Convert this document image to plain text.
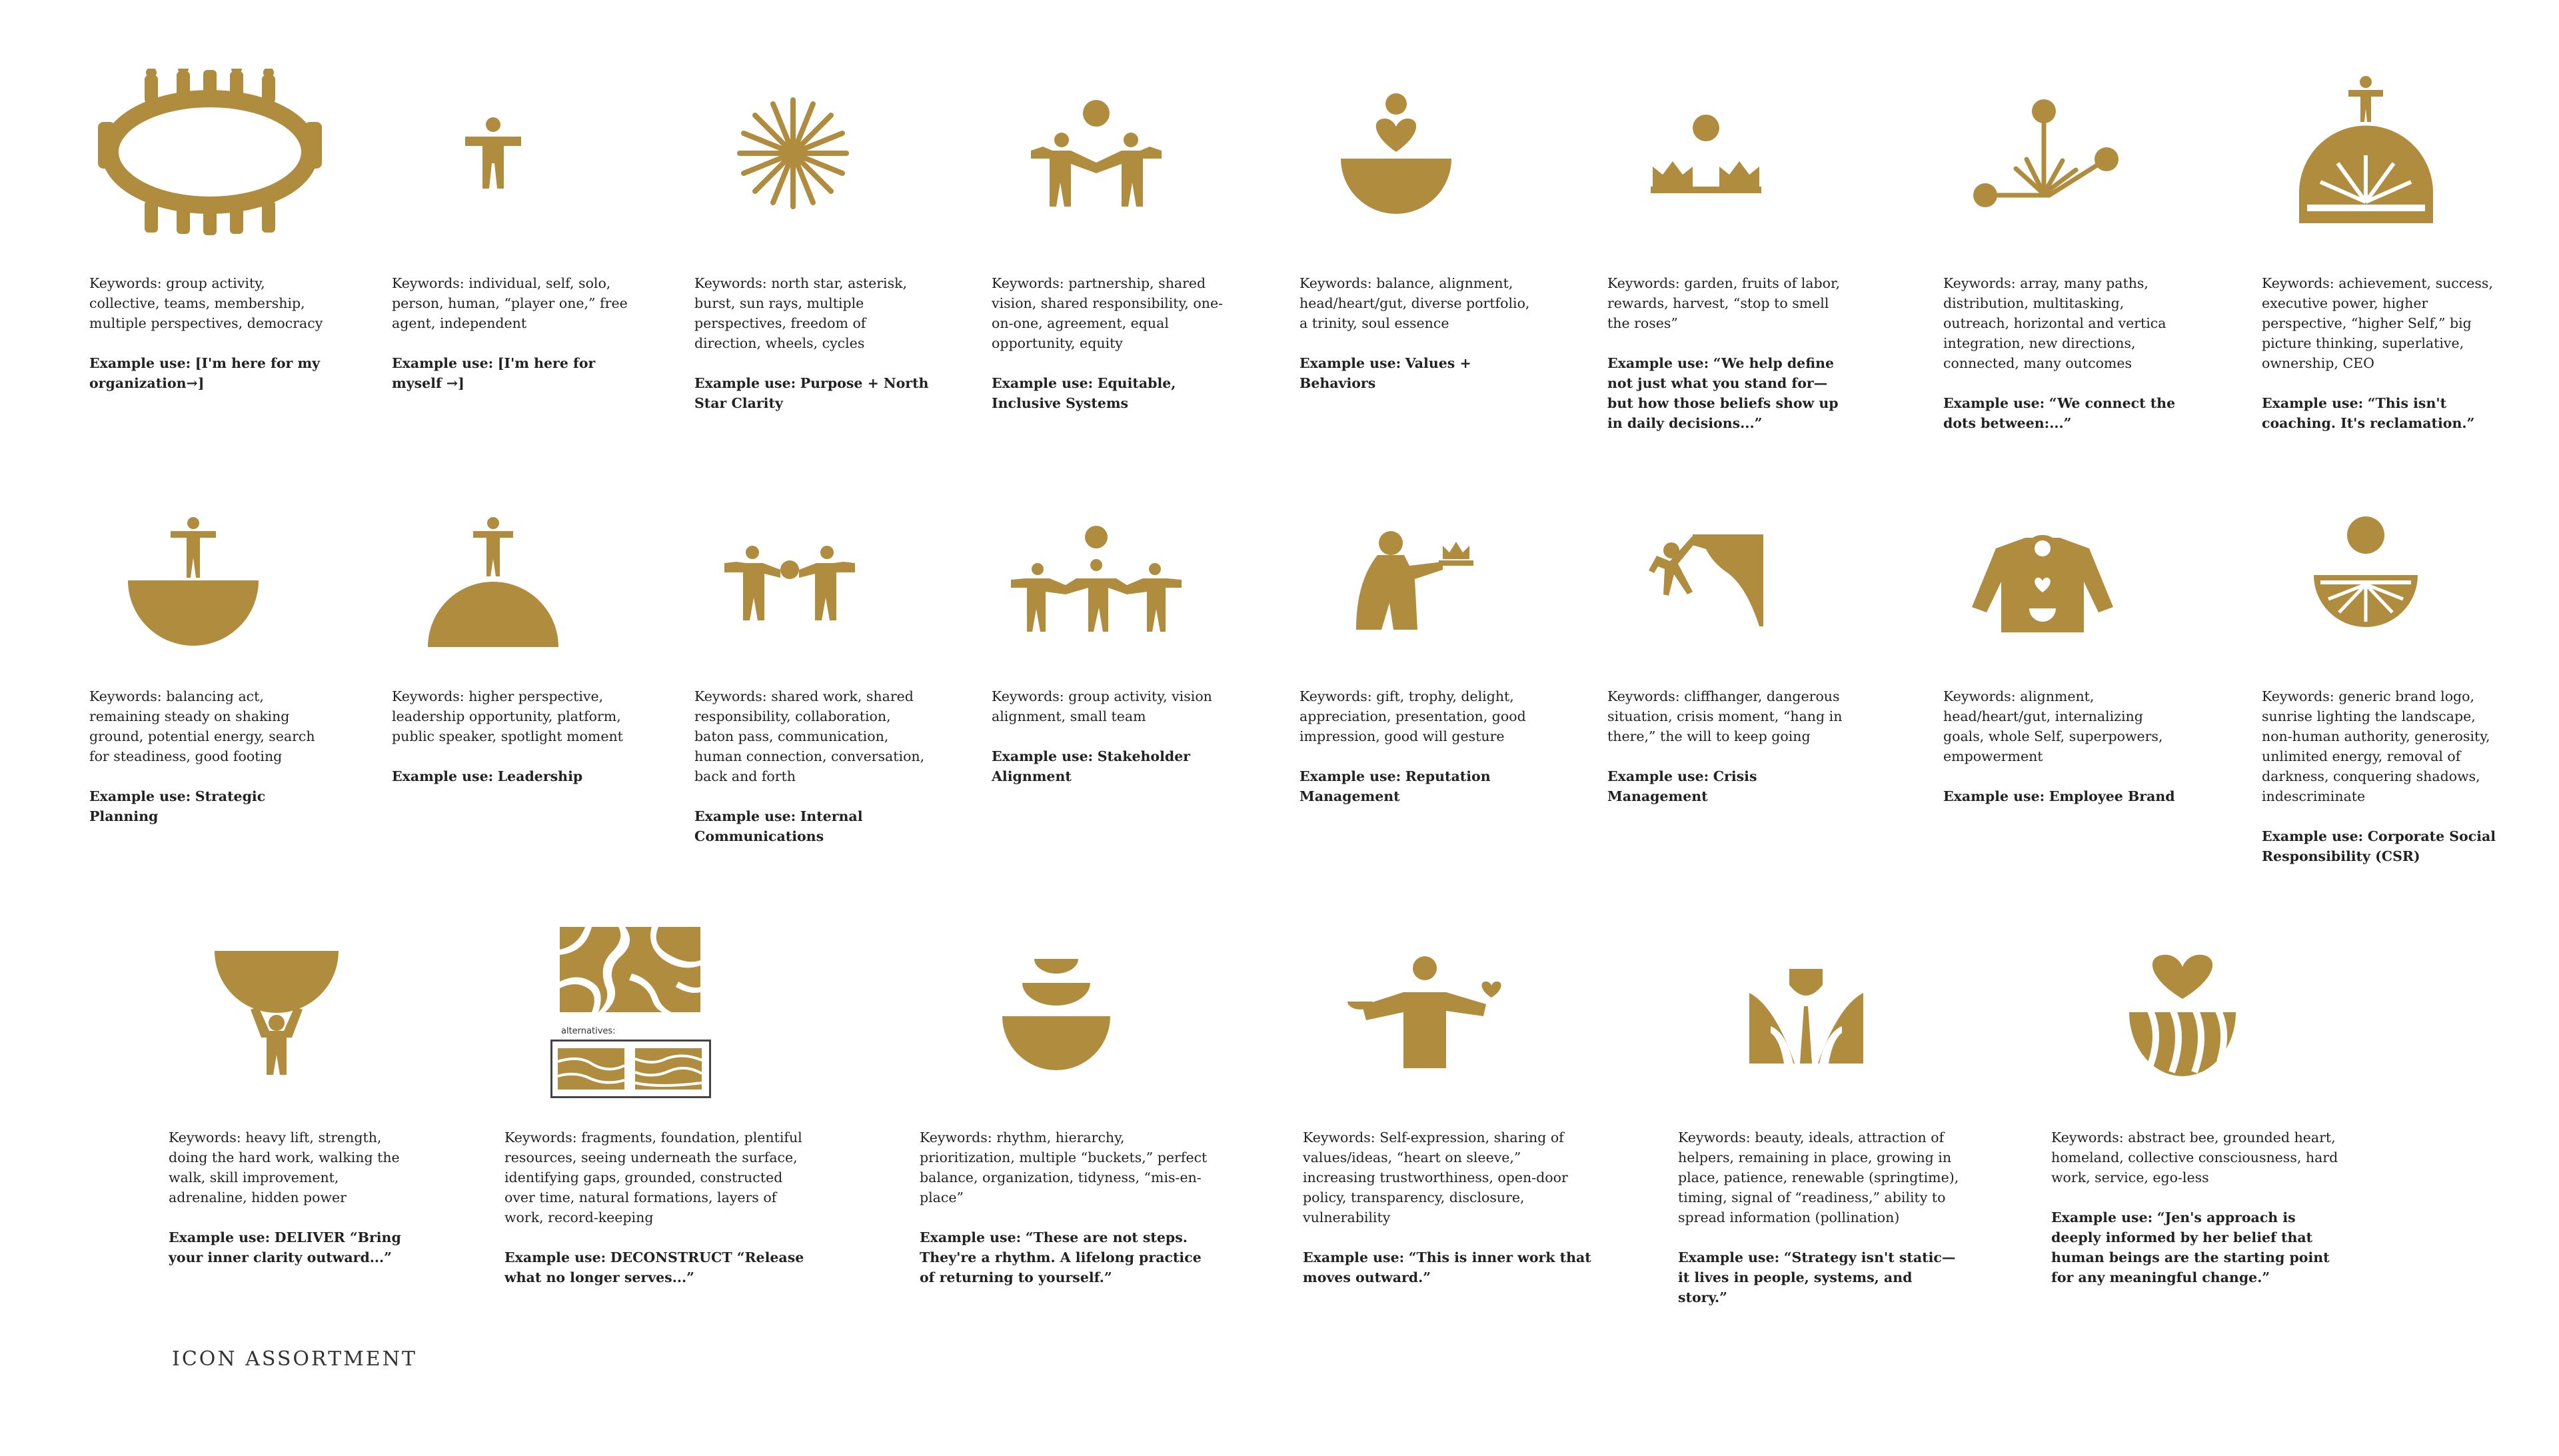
Keywords: group activity, collective, teams, membership, multiple perspectives, democracy

Example use: [I'm here for my organization→]

Keywords: individual, self, solo, person, human, “player one,” free agent, independent

Example use: [I'm here for myself →]

Keywords: north star, asterisk, burst, sun rays, multiple perspectives, freedom of direction, wheels, cycles

Example use: Purpose + North Star Clarity

Keywords: partnership, shared vision, shared responsibility, one-on-one, agreement, equal opportunity, equity

Example use: Equitable, Inclusive Systems

Keywords: balance, alignment, head/heart/gut, diverse portfolio, a trinity, soul essence

Example use: Values + Behaviors

Keywords: garden, fruits of labor, rewards, harvest, “stop to smell the roses”

Example use: “We help define not just what you stand for—but how those beliefs show up in daily decisions...”

Keywords: array, many paths, distribution, multitasking, outreach, horizontal and vertica integration, new directions, connected, many outcomes

Example use: “We connect the dots between:...”

Keywords: achievement, success, executive power, higher perspective, “higher Self,” big picture thinking, superlative, ownership, CEO

Example use: “This isn't coaching. It's reclamation.”

Keywords: balancing act, remaining steady on shaking ground, potential energy, search for steadiness, good footing

Example use: Strategic Planning

Keywords: higher perspective, leadership opportunity, platform, public speaker, spotlight moment

Example use: Leadership

Keywords: shared work, shared responsibility, collaboration, baton pass, communication, human connection, conversation, back and forth

Example use: Internal Communications

Keywords: group activity, vision alignment, small team

Example use: Stakeholder Alignment

Keywords: gift, trophy, delight, appreciation, presentation, good impression, good will gesture

Example use: Reputation Management

Keywords: cliffhanger, dangerous situation, crisis moment, “hang in there,” the will to keep going

Example use: Crisis Management

Keywords: alignment, head/heart/gut, internalizing goals, whole Self, superpowers, empowerment

Example use: Employee Brand

Keywords: generic brand logo, sunrise lighting the landscape, non-human authority, generosity, unlimited energy, removal of darkness, conquering shadows, indescriminate

Example use: Corporate Social Responsibility (CSR)

alternatives:

Keywords: heavy lift, strength, doing the hard work, walking the walk, skill improvement, adrenaline, hidden power

Example use: DELIVER “Bring your inner clarity outward...”

Keywords: fragments, foundation, plentiful resources, seeing underneath the surface, identifying gaps, grounded, constructed over time, natural formations, layers of work, record-keeping

Example use: DECONSTRUCT “Release what no longer serves...”

Keywords: rhythm, hierarchy, prioritization, multiple “buckets,” perfect balance, organization, tidyness, “mis-en-place”

Example use: “These are not steps. They're a rhythm. A lifelong practice of returning to yourself.”

Keywords: Self-expression, sharing of values/ideas, “heart on sleeve,” increasing trustworthiness, open-door policy, transparency, disclosure, vulnerability

Example use: “This is inner work that moves outward.”

Keywords: beauty, ideals, attraction of helpers, remaining in place, growing in place, patience, renewable (springtime), timing, signal of “readiness,” ability to spread information (pollination)

Example use: “Strategy isn't static—it lives in people, systems, and story.”

Keywords: abstract bee, grounded heart, homeland, collective consciousness, hard work, service, ego-less

Example use: “Jen's approach is deeply informed by her belief that human beings are the starting point for any meaningful change.”

ICON ASSORTMENT
